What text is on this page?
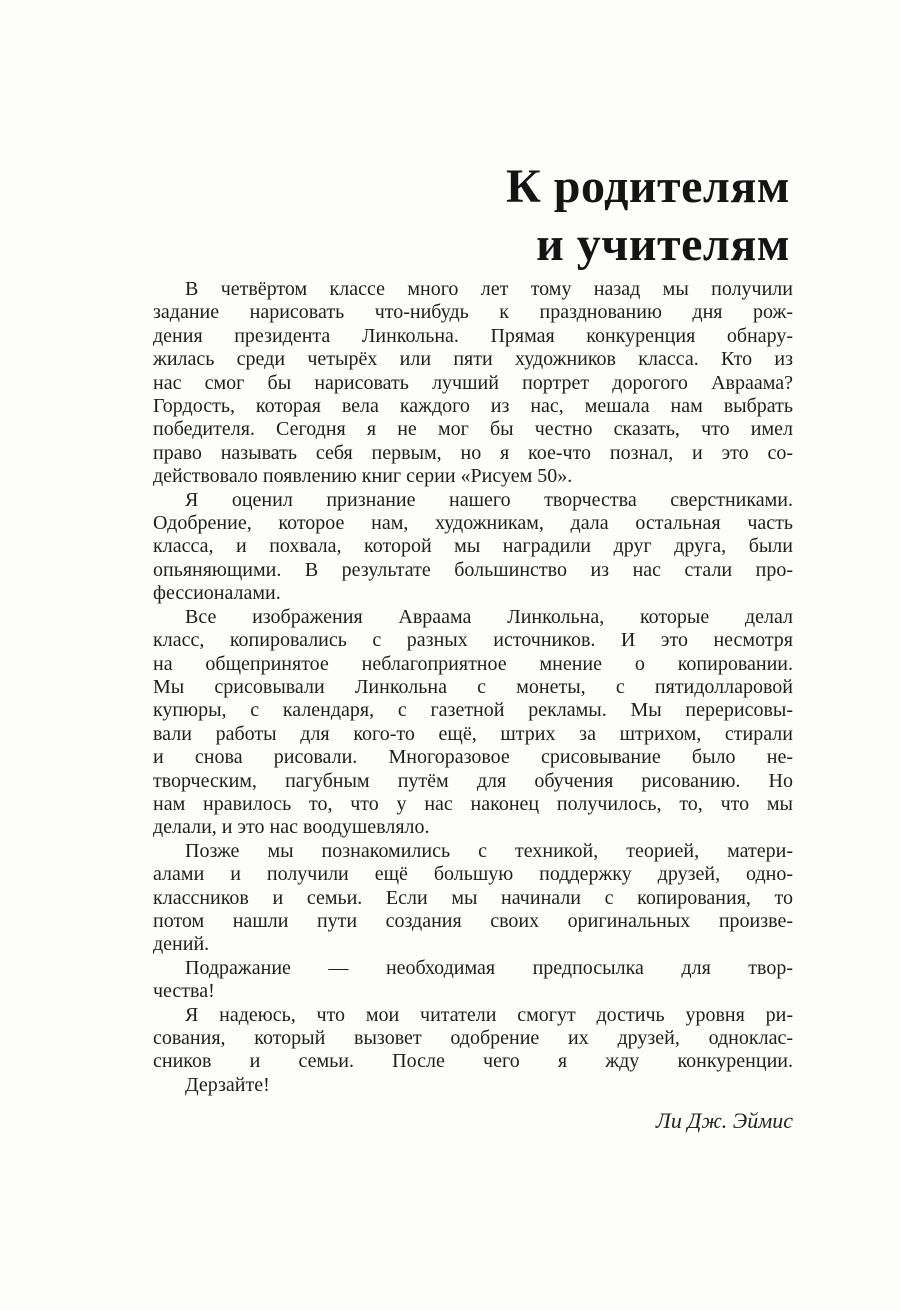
К родителям
и учителям

В четвёртом классе много лет тому назад мы получили
задание нарисовать что-нибудь к празднованию дня рож-
дения президента Линкольна. Прямая конкуренция обнару-
жилась среди четырёх или пяти художников класса. Кто из
нас смог бы нарисовать лучший портрет дорогого Авраама?
Гордость, которая вела каждого из нас, мешала нам выбрать
победителя. Сегодня я не мог бы честно сказать, что имел
право называть себя первым, но я кое-что познал, и это со-
действовало появлению книг серии «Рисуем 50».

Я оценил признание нашего творчества сверстниками.
Одобрение, которое нам, художникам, дала остальная часть
класса, и похвала, которой мы наградили друг друга, были
опьяняющими. В результате большинство из нас стали про-
фессионалами.

Все изображения Авраама Линкольна, которые делал
класс, копировались с разных источников. И это несмотря
на общепринятое неблагоприятное мнение о копировании.
Мы срисовывали Линкольна с монеты, с пятидолларовой
купюры, с календаря, с газетной рекламы. Мы перерисовы-
вали работы для кого-то ещё, штрих за штрихом, стирали
и снова рисовали. Многоразовое срисовывание было не-
творческим, пагубным путём для обучения рисованию. Но
нам нравилось то, что у нас наконец получилось, то, что мы
делали, и это нас воодушевляло.

Позже мы познакомились с техникой, теорией, матери-
алами и получили ещё большую поддержку друзей, одно-
классников и семьи. Если мы начинали с копирования, то
потом нашли пути создания своих оригинальных произве-
дений.

Подражание — необходимая предпосылка для твор-
чества!

Я надеюсь, что мои читатели смогут достичь уровня ри-
сования, который вызовет одобрение их друзей, одноклас-
сников и семьи. После чего я жду конкуренции.
Дерзайте!

Ли Дж. Эймис
